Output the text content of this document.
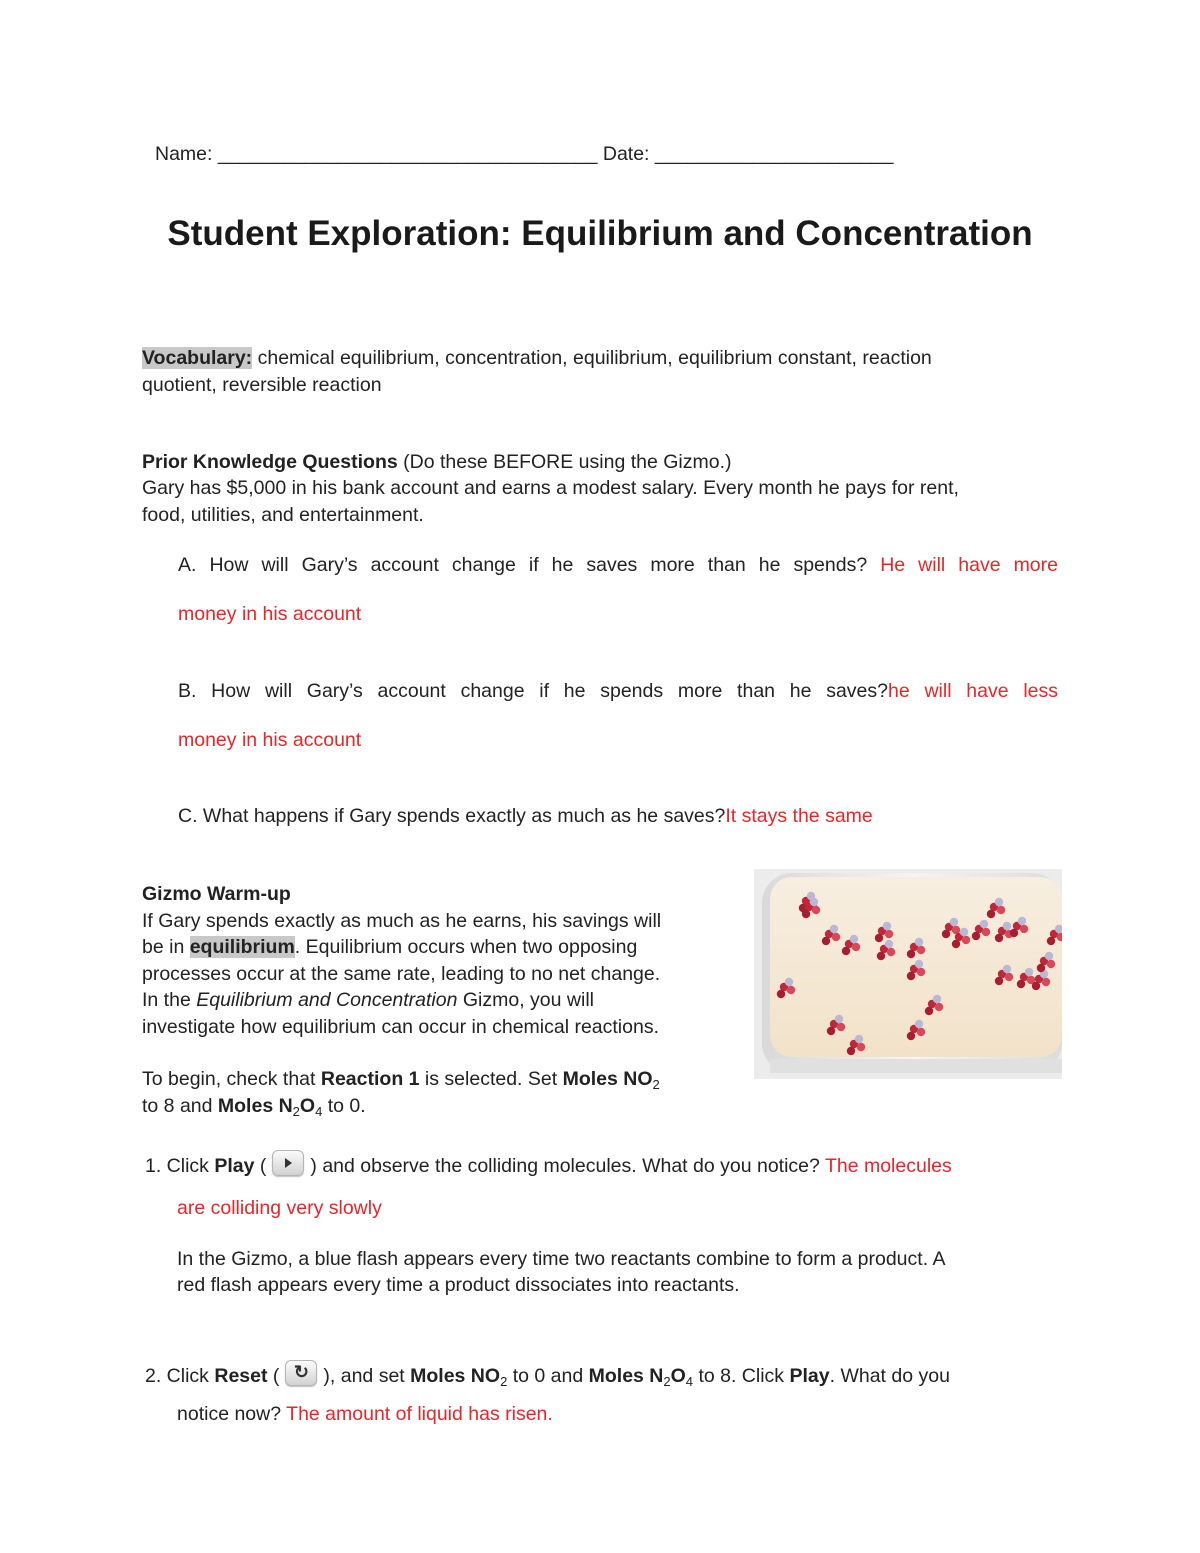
Name: ___________________________________ Date: ______________________
Student Exploration: Equilibrium and Concentration
Vocabulary: chemical equilibrium, concentration, equilibrium, equilibrium constant, reaction
quotient, reversible reaction
Prior Knowledge Questions (Do these BEFORE using the Gizmo.)
Gary has $5,000 in his bank account and earns a modest salary. Every month he pays for rent,
food, utilities, and entertainment.
A. How will Gary’s account change if he saves more than he spends? He will have more
money in his account
B. How will Gary’s account change if he spends more than he saves?he will have less
money in his account
C. What happens if Gary spends exactly as much as he saves?It stays the same
Gizmo Warm-up
If Gary spends exactly as much as he earns, his savings will
be in equilibrium. Equilibrium occurs when two opposing
processes occur at the same rate, leading to no net change.
In the Equilibrium and Concentration Gizmo, you will
investigate how equilibrium can occur in chemical reactions.
To begin, check that Reaction 1 is selected. Set Moles $NO_2$
to 8 and Moles $N_2O_4$ to 0.
1. Click Play ( ) and observe the colliding molecules. What do you notice? The molecules
are colliding very slowly
In the Gizmo, a blue flash appears every time two reactants combine to form a product. A
red flash appears every time a product dissociates into reactants.
2. Click Reset ( ↻ ), and set Moles $NO_2$ to 0 and Moles $N_2O_4$ to 8. Click Play. What do you
notice now? The amount of liquid has risen.
